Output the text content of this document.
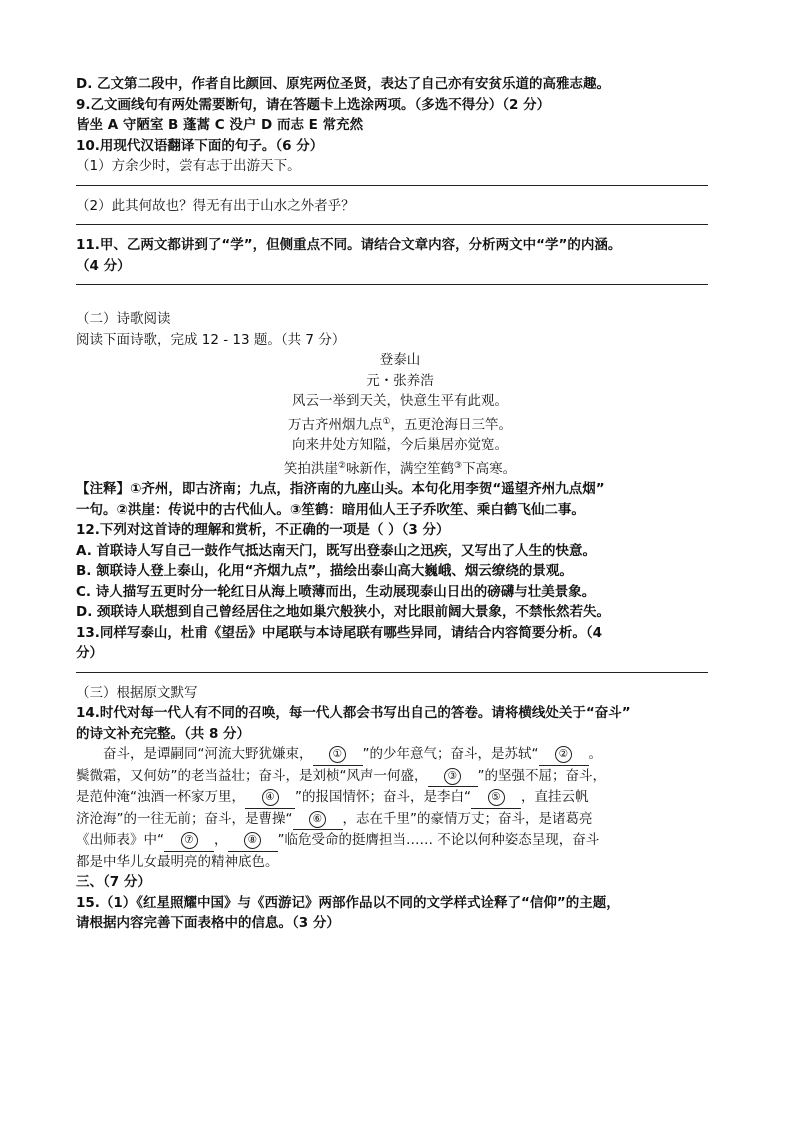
D. 乙文第二段中，作者自比颜回、原宪两位圣贤，表达了自己亦有安贫乐道的高雅志趣。
9.乙文画线句有两处需要断句，请在答题卡上选涂两项。（多选不得分）（2 分）
皆坐 A 守陋室 B 蓬蒿 C 没户 D 而志 E 常充然
10.用现代汉语翻译下面的句子。（6 分）
（1）方余少时，尝有志于出游天下。
（2）此其何故也？得无有出于山水之外者乎？
11.甲、乙两文都讲到了“学”，但侧重点不同。请结合文章内容，分析两文中“学”的内涵。
（4 分）
（二）诗歌阅读
阅读下面诗歌，完成 12 - 13 题。（共 7 分）
登泰山
元・张养浩
风云一举到天关，快意生平有此观。
万古齐州烟九点①，五更沧海日三竿。
向来井处方知隘，今后巢居亦觉宽。
笑拍洪崖②咏新作，满空笙鹤③下高寒。
【注释】①齐州，即古济南；九点，指济南的九座山头。本句化用李贺“遥望齐州九点烟”
一句。②洪崖：传说中的古代仙人。③笙鹤：暗用仙人王子乔吹笙、乘白鹤飞仙二事。
12.下列对这首诗的理解和赏析，不正确的一项是（ ）（3 分）
A. 首联诗人写自己一鼓作气抵达南天门，既写出登泰山之迅疾，又写出了人生的快意。
B. 颔联诗人登上泰山，化用“齐烟九点”，描绘出泰山高大巍峨、烟云缭绕的景观。
C. 诗人描写五更时分一轮红日从海上喷薄而出，生动展现泰山日出的磅礴与壮美景象。
D. 颈联诗人联想到自己曾经居住之地如巢穴般狭小，对比眼前阔大景象，不禁怅然若失。
13.同样写泰山，杜甫《望岳》中尾联与本诗尾联有哪些异同，请结合内容简要分析。（4
分）
（三）根据原文默写
14.时代对每一代人有不同的召唤，每一代人都会书写出自己的答卷。请将横线处关于“奋斗”
的诗文补充完整。（共 8 分）
奋斗，是谭嗣同“河流大野犹嫌束， ① ”的少年意气；奋斗，是苏轼“ ② 。
鬓微霜，又何妨”的老当益壮；奋斗，是刘桢“风声一何盛， ③ ”的坚强不屈；奋斗，
是范仲淹“浊酒一杯家万里， ④ ”的报国情怀；奋斗，是李白“ ⑤ ，直挂云帆
济沧海”的一往无前；奋斗，是曹操“ ⑥ ，志在千里”的豪情万丈；奋斗，是诸葛亮
《出师表》中“ ⑦ ， ⑧ ”临危受命的挺膺担当…… 不论以何种姿态呈现，奋斗
都是中华儿女最明亮的精神底色。
三、（7 分）
15.（1）《红星照耀中国》与《西游记》两部作品以不同的文学样式诠释了“信仰”的主题，
请根据内容完善下面表格中的信息。（3 分）
